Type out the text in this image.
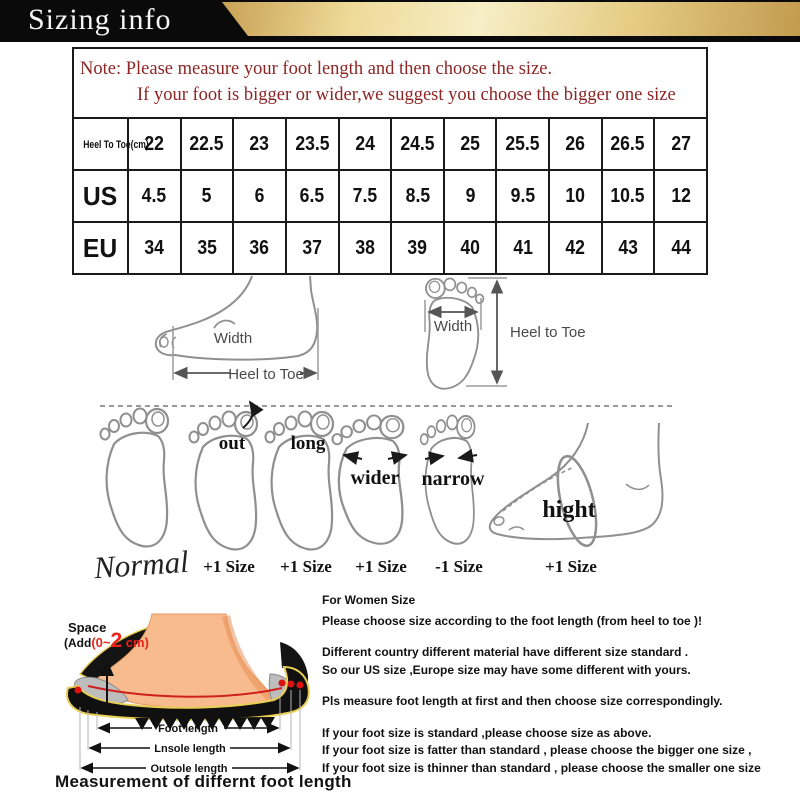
Sizing info
Note: Please measure your foot length and then choose the size.
If your foot is bigger or wider,we suggest you choose the bigger one size
Heel To Toe(cm)	22	22.5	23	23.5	24	24.5	25	25.5	26	26.5	27
US	4.5	5	6	6.5	7.5	8.5	9	9.5	10	10.5	12
EU	34	35	36	37	38	39	40	41	42	43	44
Width
Heel to Toe
Width	Heel to Toe
Normal
out long
wider narrow
hight
+1 Size +1 Size +1 Size -1 Size	+1 Size
Space
(Add(0~2 cm)
Foot length
Lnsole length
Outsole length

For Women Size

Please choose size according to the foot length (from heel to toe )!

Different country different material have different size standard .

So our US size ,Europe size may have some different with yours.

Pls measure foot length at first and then choose size correspondingly.

If your foot size is standard ,please choose size as above.

If your foot size is fatter than standard , please choose the bigger one size ,

If your foot size is thinner than standard , please choose the smaller one size

Measurement of differnt foot length
